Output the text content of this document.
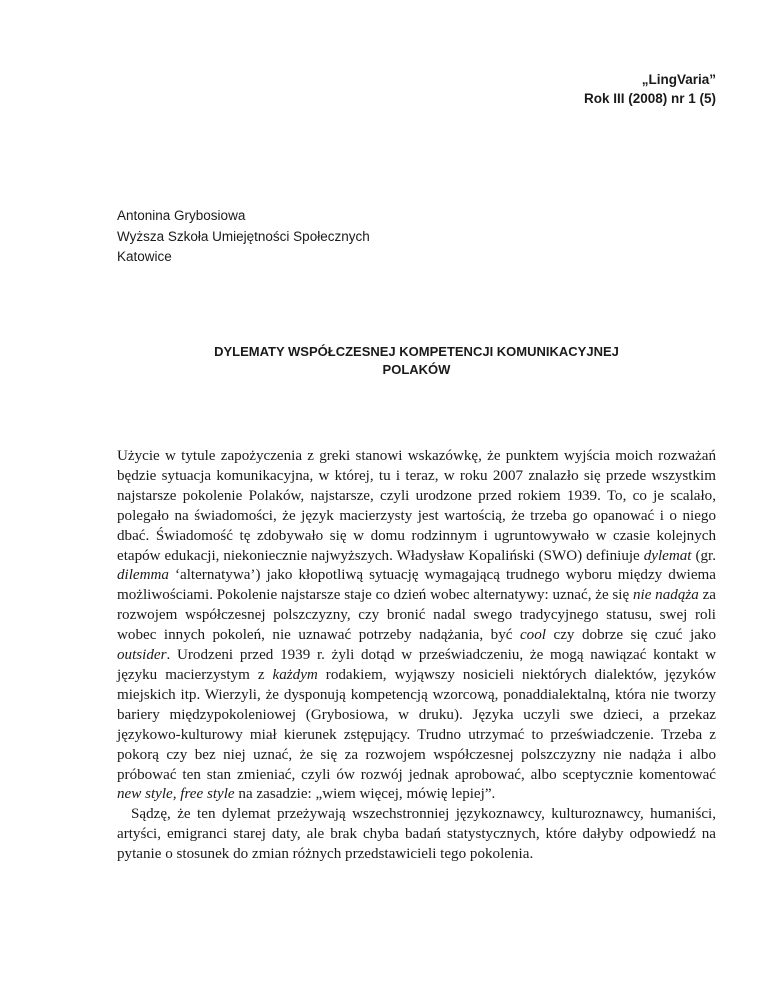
„LingVaria”
Rok III (2008) nr 1 (5)
Antonina Grybosiowa
Wyższa Szkoła Umiejętności Społecznych
Katowice
DYLEMATY WSPÓŁCZESNEJ KOMPETENCJI KOMUNIKACYJNEJ
POLAKÓW

Użycie w tytule zapożyczenia z greki stanowi wskazówkę, że punktem wyjścia moich rozważań będzie sytuacja komunikacyjna, w której, tu i teraz, w roku 2007 znalazło się przede wszystkim najstarsze pokolenie Polaków, najstarsze, czyli urodzone przed rokiem 1939. To, co je scalało, polegało na świadomości, że język macierzysty jest wartością, że trzeba go opanować i o niego dbać. Świadomość tę zdobywało się w domu rodzinnym i ugruntowywało w czasie kolejnych etapów edukacji, niekoniecznie najwyższych. Władysław Kopaliński (SWO) definiuje dylemat (gr. dilemma ‘alternatywa’) jako kłopotliwą sytuację wymagającą trudnego wyboru między dwiema możliwościami. Pokolenie najstarsze staje co dzień wobec alternatywy: uznać, że się nie nadąża za rozwojem współczesnej polszczyzny, czy bronić nadal swego tradycyjnego statusu, swej roli wobec innych pokoleń, nie uznawać potrzeby nadążania, być cool czy dobrze się czuć jako outsider. Urodzeni przed 1939 r. żyli dotąd w przeświadczeniu, że mogą nawiązać kontakt w języku macierzystym z każdym rodakiem, wyjąwszy nosicieli niektórych dialektów, języków miejskich itp. Wierzyli, że dysponują kompetencją wzorcową, ponaddialektalną, która nie tworzy bariery międzypokoleniowej (Grybosiowa, w druku). Języka uczyli swe dzieci, a przekaz językowo-kulturowy miał kierunek zstępujący. Trudno utrzymać to przeświadczenie. Trzeba z pokorą czy bez niej uznać, że się za rozwojem współczesnej polszczyzny nie nadąża i albo próbować ten stan zmieniać, czyli ów rozwój jednak aprobować, albo sceptycznie komentować new style, free style na zasadzie: „wiem więcej, mówię lepiej”.

Sądzę, że ten dylemat przeżywają wszechstronniej językoznawcy, kulturoznawcy, humaniści, artyści, emigranci starej daty, ale brak chyba badań statystycznych, które dałyby odpowiedź na pytanie o stosunek do zmian różnych przedstawicieli tego pokolenia.
